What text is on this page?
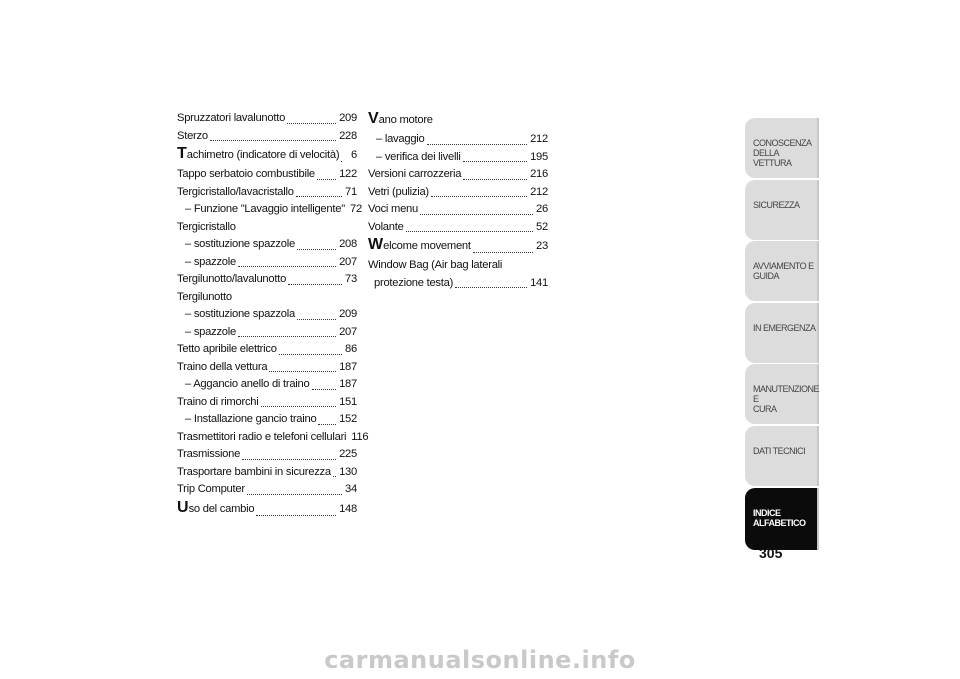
Spruzzatori lavalunotto	209
Sterzo	228
Tachimetro (indicatore di velocità)	6
Tappo serbatoio combustibile 122
Tergicristallo/lavacristallo	71
– Funzione "Lavaggio intelligente" 72
Tergicristallo
– sostituzione spazzole	208
– spazzole	207
Tergilunotto/lavalunotto	73
Tergilunotto
– sostituzione spazzola	209
– spazzole	207
Tetto apribile elettrico	86
Traino della vettura	187
– Aggancio anello di traino	187
Traino di rimorchi	151
– Installazione gancio traino 152
Trasmettitori radio e telefoni cellulari 116
Trasmissione	225
Trasportare bambini in sicurezza 130
Trip Computer	34
Uso del cambio	148
Vano motore
– lavaggio	212
– verifica dei livelli	195
Versioni carrozzeria	216
Vetri (pulizia)	212
Voci menu	26
Volante	52
Welcome movement	23
Window Bag (Air bag laterali
protezione testa)	141
CONOSCENZA
DELLA VETTURA
SICUREZZA
AVVIAMENTO E
GUIDA
IN EMERGENZA
MANUTENZIONE E
CURA
DATI TECNICI
INDICE
ALFABETICO
305
carmanualsonline.info
